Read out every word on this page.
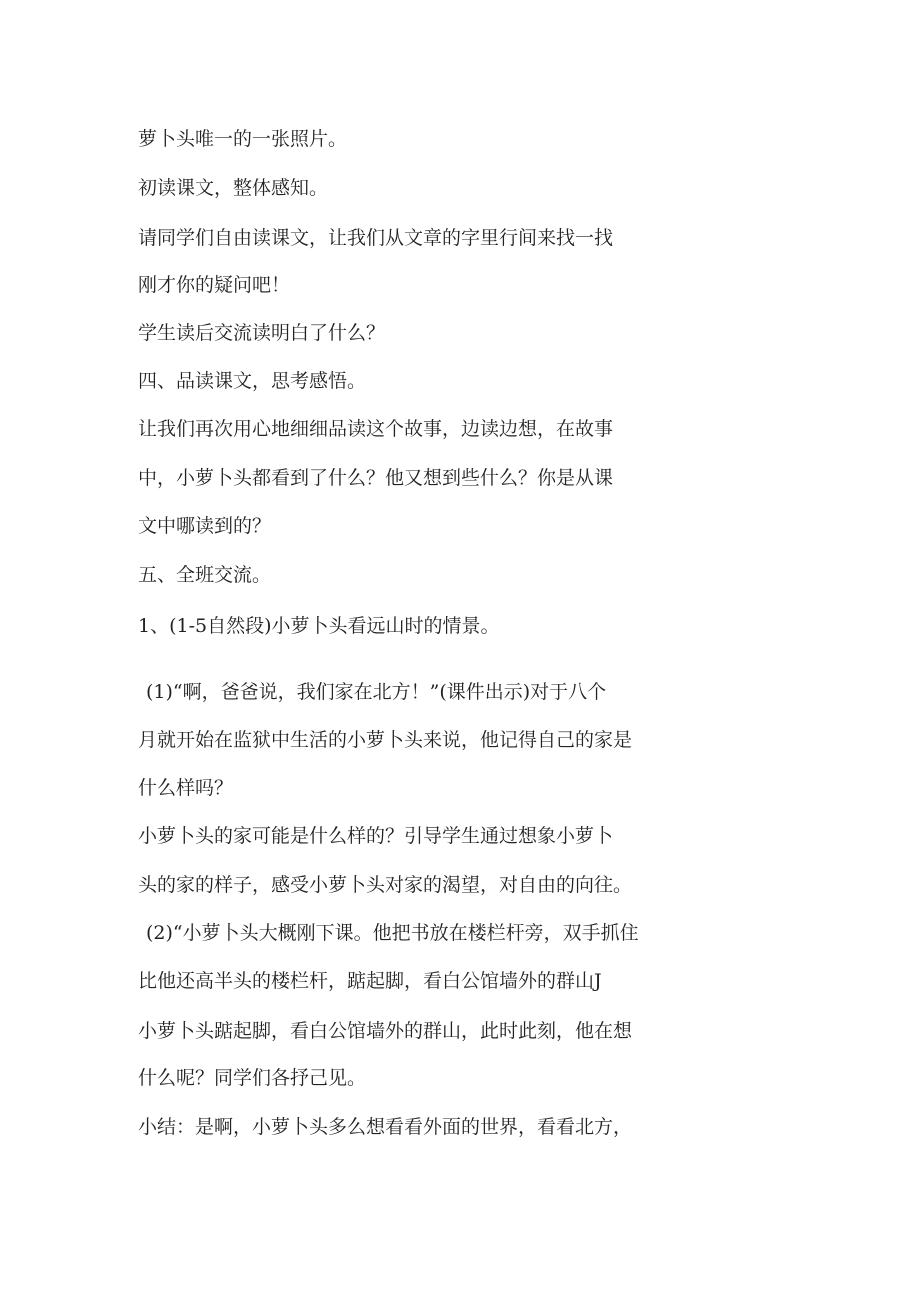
萝卜头唯一的一张照片。
初读课文，整体感知。
请同学们自由读课文，让我们从文章的字里行间来找一找
刚才你的疑问吧！
学生读后交流读明白了什么？
四、品读课文，思考感悟。
让我们再次用心地细细品读这个故事，边读边想，在故事
中，小萝卜头都看到了什么？他又想到些什么？你是从课
文中哪读到的？
五、全班交流。
1、(1-5自然段)小萝卜头看远山时的情景。
(1)“啊，爸爸说，我们家在北方！”(课件出示)对于八个
月就开始在监狱中生活的小萝卜头来说，他记得自己的家是
什么样吗？
小萝卜头的家可能是什么样的？引导学生通过想象小萝卜
头的家的样子，感受小萝卜头对家的渴望，对自由的向往。
(2)“小萝卜头大概刚下课。他把书放在楼栏杆旁，双手抓住
比他还高半头的楼栏杆，踮起脚，看白公馆墙外的群山J
小萝卜头踮起脚，看白公馆墙外的群山，此时此刻，他在想
什么呢？同学们各抒己见。
小结：是啊，小萝卜头多么想看看外面的世界，看看北方，
